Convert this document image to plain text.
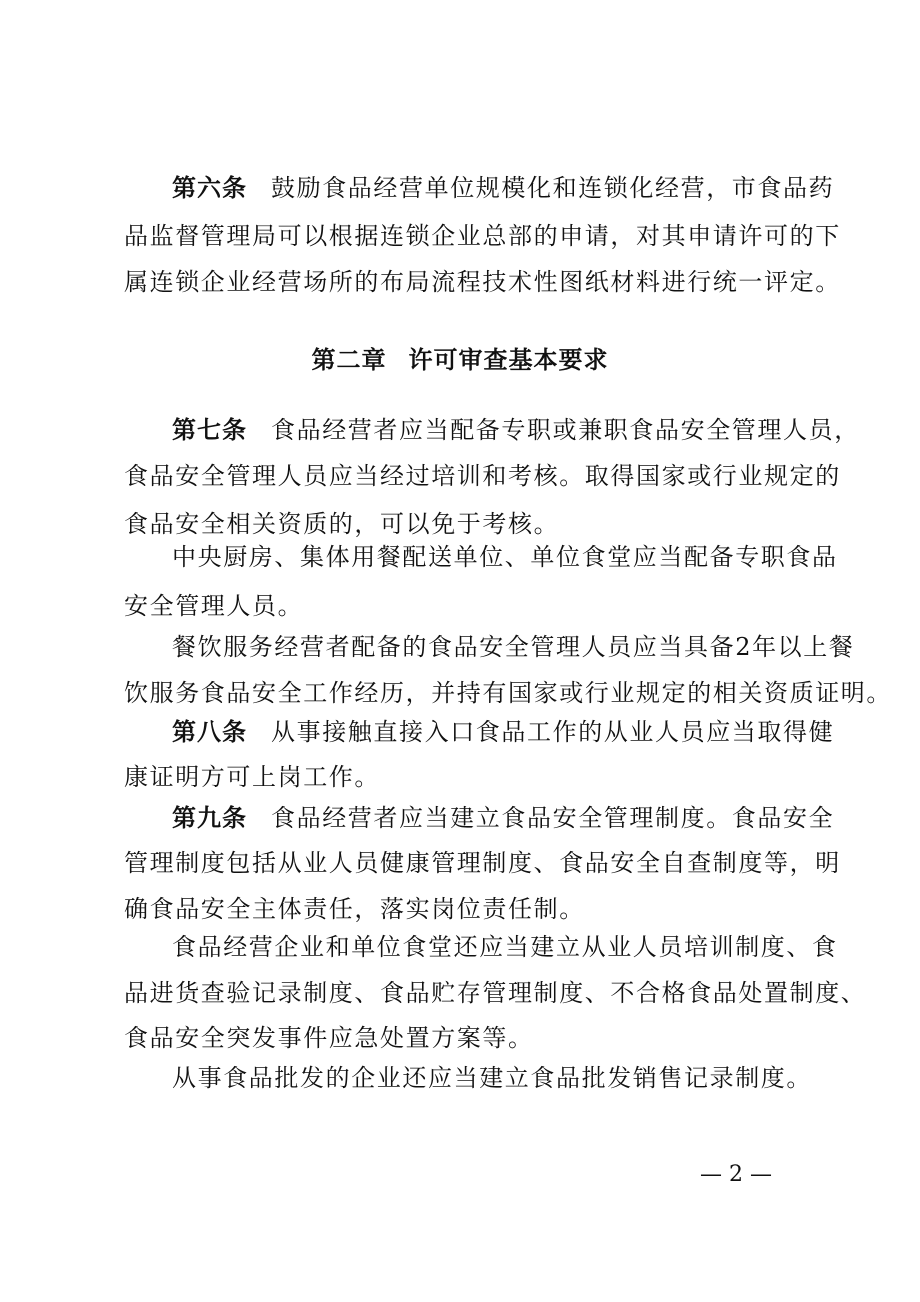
第六条 鼓励食品经营单位规模化和连锁化经营，市食品药
品监督管理局可以根据连锁企业总部的申请，对其申请许可的下
属连锁企业经营场所的布局流程技术性图纸材料进行统一评定。
第二章 许可审查基本要求
第七条 食品经营者应当配备专职或兼职食品安全管理人员，
食品安全管理人员应当经过培训和考核。取得国家或行业规定的
食品安全相关资质的，可以免于考核。
中央厨房、集体用餐配送单位、单位食堂应当配备专职食品
安全管理人员。
餐饮服务经营者配备的食品安全管理人员应当具备2年以上餐
饮服务食品安全工作经历，并持有国家或行业规定的相关资质证明。
第八条 从事接触直接入口食品工作的从业人员应当取得健
康证明方可上岗工作。
第九条 食品经营者应当建立食品安全管理制度。食品安全
管理制度包括从业人员健康管理制度、食品安全自查制度等，明
确食品安全主体责任，落实岗位责任制。
食品经营企业和单位食堂还应当建立从业人员培训制度、食
品进货查验记录制度、食品贮存管理制度、不合格食品处置制度、
食品安全突发事件应急处置方案等。
从事食品批发的企业还应当建立食品批发销售记录制度。
— 2 —
